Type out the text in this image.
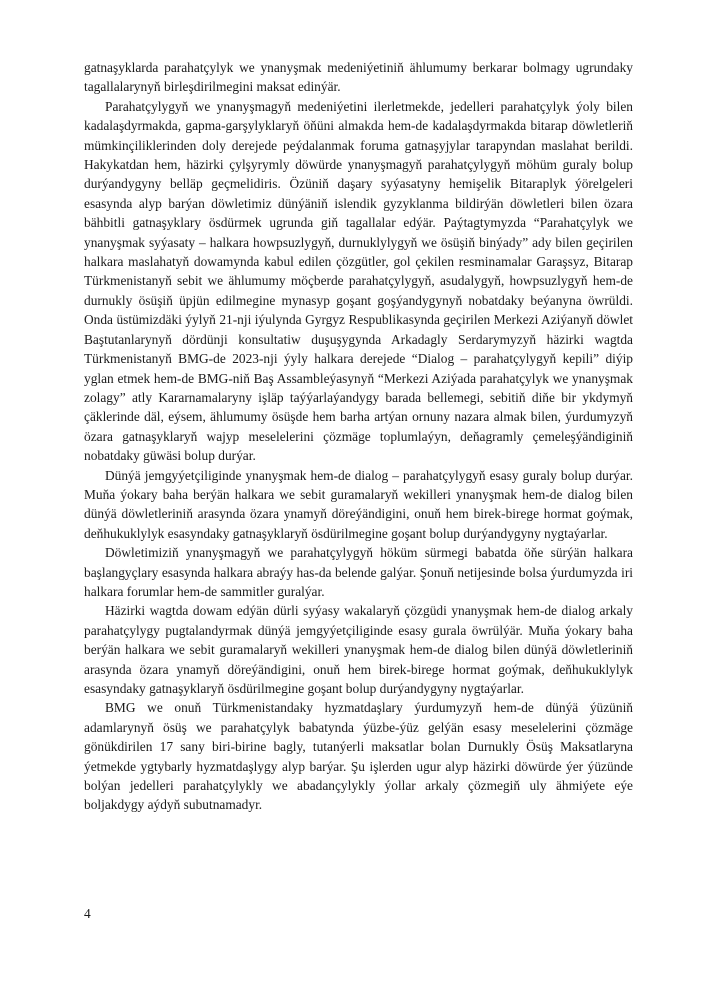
gatnaşyklarda parahatçylyk we ynanyşmak medeniýetiniň ählumumy berkarar bolmagy ugrundaky tagallalarynyň birleşdirilmegini maksat edinýär.

Parahatçylygyň we ynanyşmagyň medeniýetini ilerletmekde, jedelleri parahatçylyk ýoly bilen kadalaşdyrmakda, gapma-garşylyklaryň öňüni almakda hem-de kadalaşdyrmakda bitarap döwletleriň mümkinçiliklerinden doly derejede peýdalanmak foruma gatnaşyjylar tarapyndan maslahat berildi. Hakykatdan hem, häzirki çylşyrymly döwürde ynanyşmagyň parahatçylygyň möhüm guraly bolup durýandygyny belläp geçmelidiris. Özüniň daşary syýasatyny hemişelik Bitaraplyk ýörelgeleri esasynda alyp barýan döwletimiz dünýäniň islendik gyzyklanma bildirýän döwletleri bilen özara bähbitli gatnaşyklary ösdürmek ugrunda giň tagallalar edýär. Paýtagtymyzda “Parahatçylyk we ynanyşmak syýasaty – halkara howpsuzlygyň, durnuklylygyň we ösüşiň binýady” ady bilen geçirilen halkara maslahatyň dowamynda kabul edilen çözgütler, gol çekilen resminamalar Garaşsyz, Bitarap Türkmenistanyň sebit we ählumumy möçberde parahatçylygyň, asudalygyň, howpsuzlygyň hem-de durnukly ösüşiň üpjün edilmegine mynasyp goşant goşýandygynyň nobatdaky beýanyna öwrüldi. Onda üstümizdäki ýylyň 21-nji iýulynda Gyrgyz Respublikasynda geçirilen Merkezi Aziýanyň döwlet Baştutanlarynyň dördünji konsultatiw duşuşygynda Arkadagly Serdarymyzyň häzirki wagtda Türkmenistanyň BMG-de 2023-nji ýyly halkara derejede “Dialog – parahatçylygyň kepili” diýip yglan etmek hem-de BMG-niň Baş Assambleýasynyň “Merkezi Aziýada parahatçylyk we ynanyşmak zolagy” atly Kararnamalaryny işläp taýýarlaýandygy barada bellemegi, sebitiň diňe bir ykdymyň çäklerinde däl, eýsem, ählumumy ösüşde hem barha artýan ornuny nazara almak bilen, ýurdumyzyň özara gatnaşyklaryň wajyp meselelerini çözmäge toplumlaýyn, deňagramly çemeleşýändiginiň nobatdaky güwäsi bolup durýar.

Dünýä jemgyýetçiliginde ynanyşmak hem-de dialog – parahatçylygyň esasy guraly bolup durýar. Muňa ýokary baha berýän halkara we sebit guramalaryň wekilleri ynanyşmak hem-de dialog bilen dünýä döwletleriniň arasynda özara ynamyň döreýändigini, onuň hem birek-birege hormat goýmak, deňhukuklylyk esasyndaky gatnaşyklaryň ösdürilmegine goşant bolup durýandygyny nygtaýarlar.

Döwletimiziň ynanyşmagyň we parahatçylygyň höküm sürmegi babatda öňe sürýän halkara başlangyçlary esasynda halkara abraýy has-da belende galýar. Şonuň netijesinde bolsa ýurdumyzda iri halkara forumlar hem-de sammitler guralýar.

Häzirki wagtda dowam edýän dürli syýasy wakalaryň çözgüdi ynanyşmak hem-de dialog arkaly parahatçylygy pugtalandyrmak dünýä jemgyýetçiliginde esasy gurala öwrülýär. Muňa ýokary baha berýän halkara we sebit guramalaryň wekilleri ynanyşmak hem-de dialog bilen dünýä döwletleriniň arasynda özara ynamyň döreýändigini, onuň hem birek-birege hormat goýmak, deňhukuklylyk esasyndaky gatnaşyklaryň ösdürilmegine goşant bolup durýandygyny nygtaýarlar.

BMG we onuň Türkmenistandaky hyzmatdaşlary ýurdumyzyň hem-de dünýä ýüzüniň adamlarynyň ösüş we parahatçylyk babatynda ýüzbe-ýüz gelýän esasy meselelerini çözmäge gönükdirilen 17 sany biri-birine bagly, tutanýerli maksatlar bolan Durnukly Ösüş Maksatlaryna ýetmekde ygtybarly hyzmatdaşlygy alyp barýar. Şu işlerden ugur alyp häzirki döwürde ýer ýüzünde bolýan jedelleri parahatçylykly we abadançylykly ýollar arkaly çözmegiň uly ähmiýete eýe boljakdygy aýdyň subutnamadyr.

4
